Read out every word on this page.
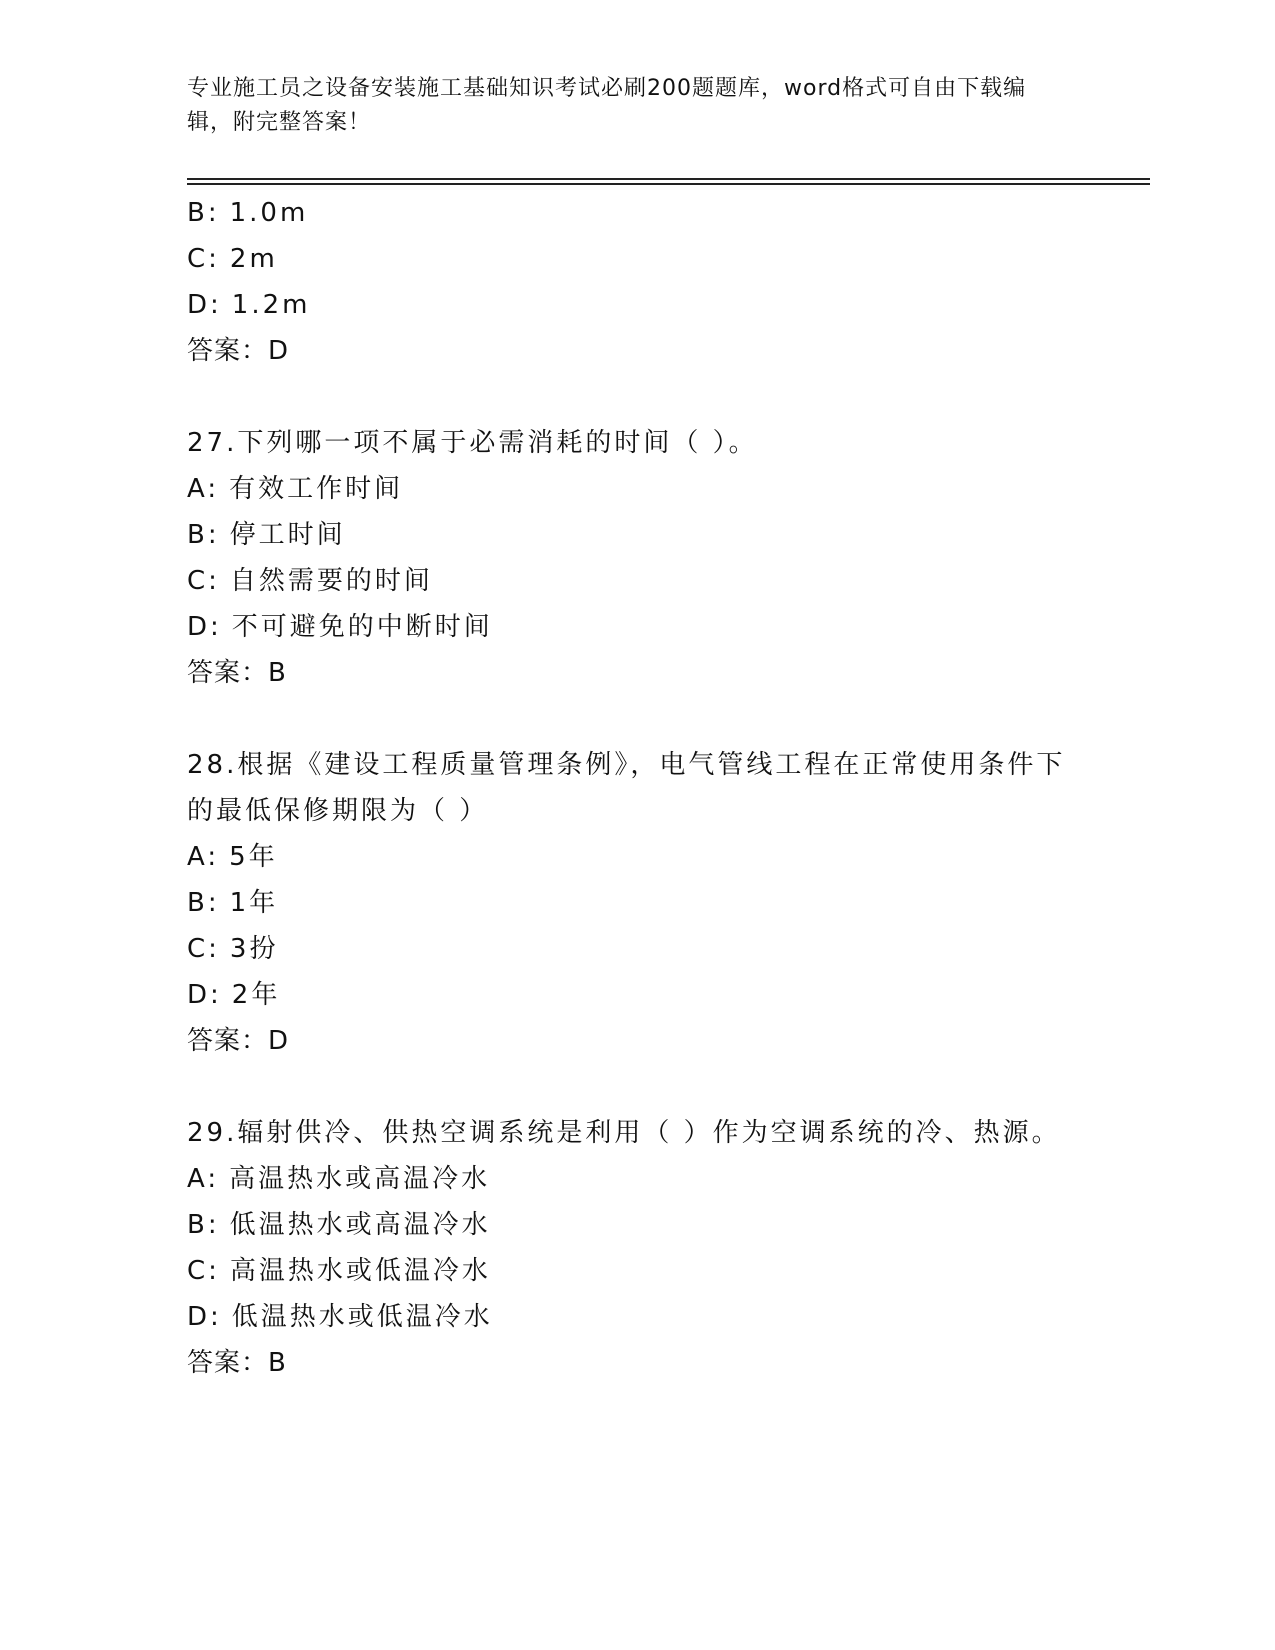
专业施工员之设备安装施工基础知识考试必刷200题题库，word格式可自由下载编辑，附完整答案！
B: 1.0m
C: 2m
D: 1.2m
答案：D
27.下列哪一项不属于必需消耗的时间（ ）。
A: 有效工作时间
B: 停工时间
C: 自然需要的时间
D: 不可避免的中断时间
答案：B
28.根据《建设工程质量管理条例》，电气管线工程在正常使用条件下的最低保修期限为（ ）
A: 5年
B: 1年
C: 3扮
D: 2年
答案：D
29.辐射供冷、供热空调系统是利用（ ）作为空调系统的冷、热源。
A: 高温热水或高温冷水
B: 低温热水或高温冷水
C: 高温热水或低温冷水
D: 低温热水或低温冷水
答案：B
